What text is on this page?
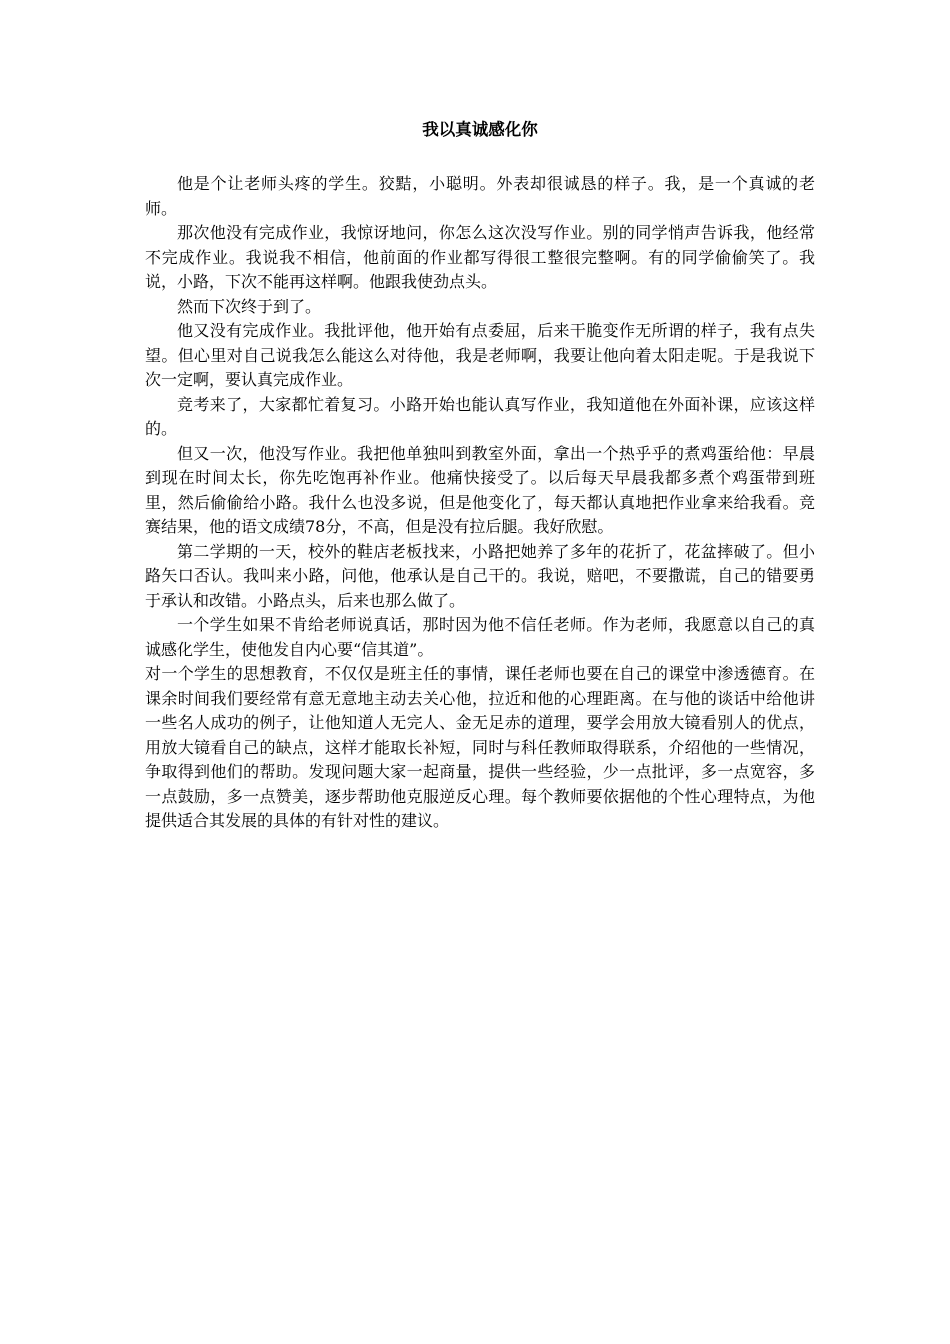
我以真诚感化你

他是个让老师头疼的学生。狡黠，小聪明。外表却很诚恳的样子。我，是一个真诚的老师。

那次他没有完成作业，我惊讶地问，你怎么这次没写作业。别的同学悄声告诉我，他经常不完成作业。我说我不相信，他前面的作业都写得很工整很完整啊。有的同学偷偷笑了。我说，小路，下次不能再这样啊。他跟我使劲点头。

然而下次终于到了。

他又没有完成作业。我批评他，他开始有点委屈，后来干脆变作无所谓的样子，我有点失望。但心里对自己说我怎么能这么对待他，我是老师啊，我要让他向着太阳走呢。于是我说下次一定啊，要认真完成作业。

竞考来了，大家都忙着复习。小路开始也能认真写作业，我知道他在外面补课，应该这样的。

但又一次，他没写作业。我把他单独叫到教室外面，拿出一个热乎乎的煮鸡蛋给他：早晨到现在时间太长，你先吃饱再补作业。他痛快接受了。以后每天早晨我都多煮个鸡蛋带到班里，然后偷偷给小路。我什么也没多说，但是他变化了，每天都认真地把作业拿来给我看。竞赛结果，他的语文成绩78分，不高，但是没有拉后腿。我好欣慰。

第二学期的一天，校外的鞋店老板找来，小路把她养了多年的花折了，花盆摔破了。但小路矢口否认。我叫来小路，问他，他承认是自己干的。我说，赔吧，不要撒谎，自己的错要勇于承认和改错。小路点头，后来也那么做了。

一个学生如果不肯给老师说真话，那时因为他不信任老师。作为老师，我愿意以自己的真诚感化学生，使他发自内心要“信其道”。

对一个学生的思想教育，不仅仅是班主任的事情，课任老师也要在自己的课堂中渗透德育。在课余时间我们要经常有意无意地主动去关心他，拉近和他的心理距离。在与他的谈话中给他讲一些名人成功的例子，让他知道人无完人、金无足赤的道理，要学会用放大镜看别人的优点，用放大镜看自己的缺点，这样才能取长补短，同时与科任教师取得联系，介绍他的一些情况，争取得到他们的帮助。发现问题大家一起商量，提供一些经验，少一点批评，多一点宽容，多一点鼓励，多一点赞美，逐步帮助他克服逆反心理。每个教师要依据他的个性心理特点，为他提供适合其发展的具体的有针对性的建议。
